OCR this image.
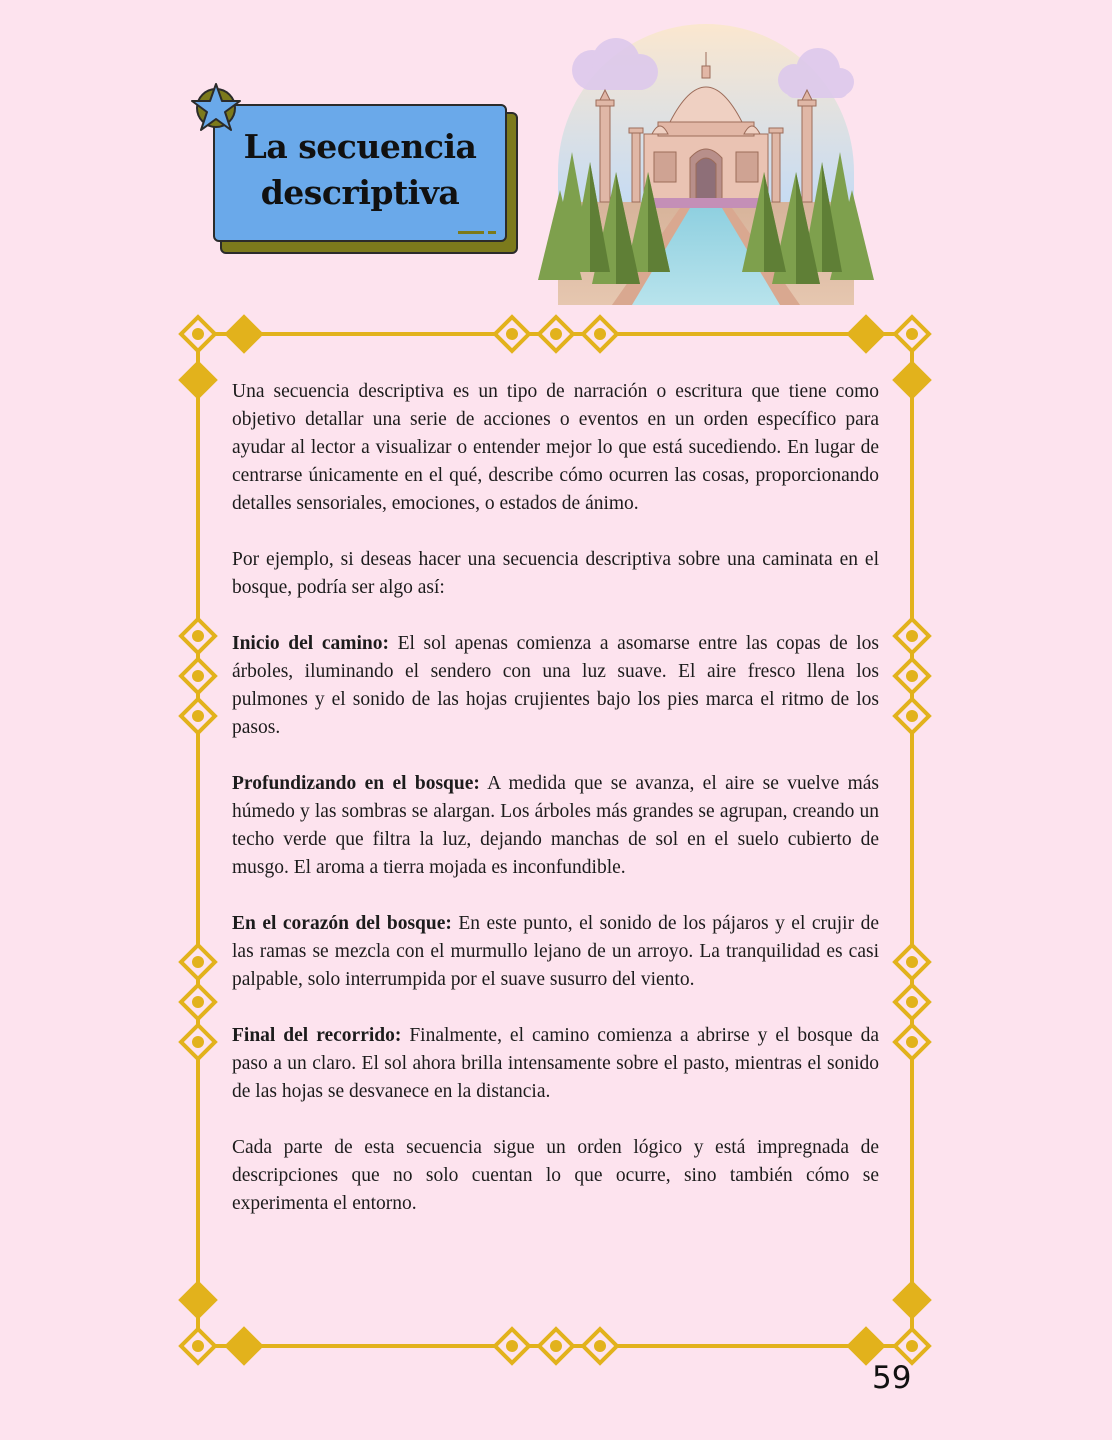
La secuencia
descriptiva

Una secuencia descriptiva es un tipo de narración o escritura que tiene como objetivo detallar una serie de acciones o eventos en un orden específico para ayudar al lector a visualizar o entender mejor lo que está sucediendo. En lugar de centrarse únicamente en el qué, describe cómo ocurren las cosas, proporcionando detalles sensoriales, emociones, o estados de ánimo.

Por ejemplo, si deseas hacer una secuencia descriptiva sobre una caminata en el bosque, podría ser algo así:

Inicio del camino: El sol apenas comienza a asomarse entre las copas de los árboles, iluminando el sendero con una luz suave. El aire fresco llena los pulmones y el sonido de las hojas crujientes bajo los pies marca el ritmo de los pasos.

Profundizando en el bosque: A medida que se avanza, el aire se vuelve más húmedo y las sombras se alargan. Los árboles más grandes se agrupan, creando un techo verde que filtra la luz, dejando manchas de sol en el suelo cubierto de musgo. El aroma a tierra mojada es inconfundible.

En el corazón del bosque: En este punto, el sonido de los pájaros y el crujir de las ramas se mezcla con el murmullo lejano de un arroyo. La tranquilidad es casi palpable, solo interrumpida por el suave susurro del viento.

Final del recorrido: Finalmente, el camino comienza a abrirse y el bosque da paso a un claro. El sol ahora brilla intensamente sobre el pasto, mientras el sonido de las hojas se desvanece en la distancia.

Cada parte de esta secuencia sigue un orden lógico y está impregnada de descripciones que no solo cuentan lo que ocurre, sino también cómo se experimenta el entorno.

59
